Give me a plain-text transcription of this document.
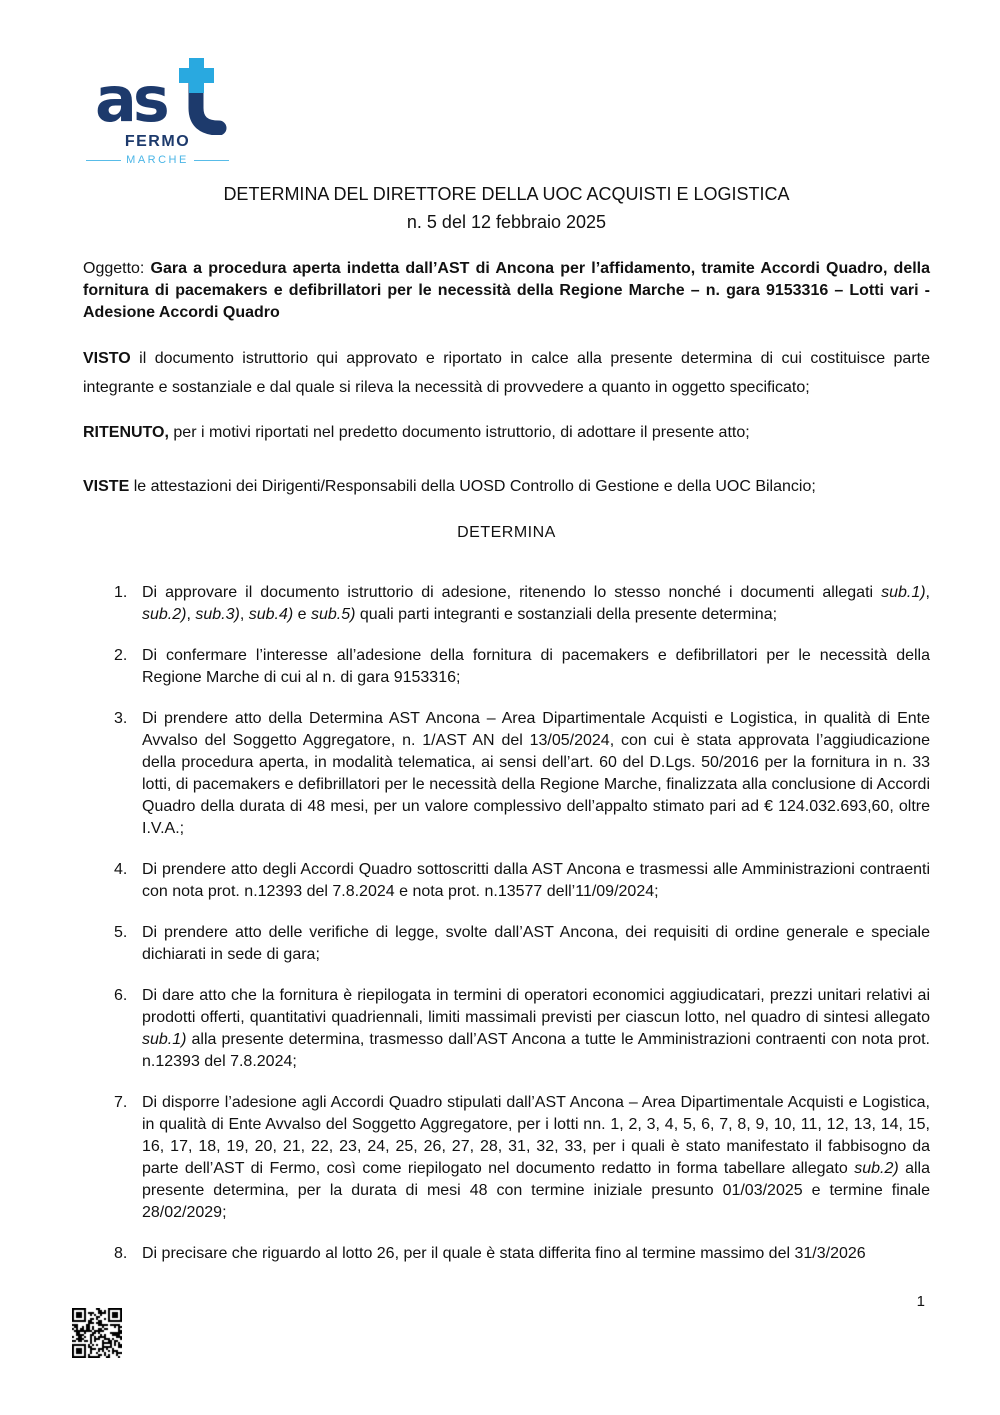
as
FERMO
MARCHE
DETERMINA DEL DIRETTORE DELLA UOC ACQUISTI E LOGISTICA
n. 5 del 12 febbraio 2025

Oggetto: Gara a procedura aperta indetta dall’AST di Ancona per l’affidamento, tramite Accordi Quadro, della fornitura di pacemakers e defibrillatori per le necessità della Regione Marche – n. gara 9153316 – Lotti vari - Adesione Accordi Quadro

VISTO il documento istruttorio qui approvato e riportato in calce alla presente determina di cui costituisce parte integrante e sostanziale e dal quale si rileva la necessità di provvedere a quanto in oggetto specificato;

RITENUTO, per i motivi riportati nel predetto documento istruttorio, di adottare il presente atto;

VISTE le attestazioni dei Dirigenti/Responsabili della UOSD Controllo di Gestione e della UOC Bilancio;

DETERMINA
1. Di approvare il documento istruttorio di adesione, ritenendo lo stesso nonché i documenti allegati sub.1), sub.2), sub.3), sub.4) e sub.5) quali parti integranti e sostanziali della presente determina;
2. Di confermare l’interesse all’adesione della fornitura di pacemakers e defibrillatori per le necessità della Regione Marche di cui al n. di gara 9153316;
3. Di prendere atto della Determina AST Ancona – Area Dipartimentale Acquisti e Logistica, in qualità di Ente Avvalso del Soggetto Aggregatore, n. 1/AST AN del 13/05/2024, con cui è stata approvata l’aggiudicazione della procedura aperta, in modalità telematica, ai sensi dell’art. 60 del D.Lgs. 50/2016 per la fornitura in n. 33 lotti, di pacemakers e defibrillatori per le necessità della Regione Marche, finalizzata alla conclusione di Accordi Quadro della durata di 48 mesi, per un valore complessivo dell’appalto stimato pari ad € 124.032.693,60, oltre I.V.A.;
4. Di prendere atto degli Accordi Quadro sottoscritti dalla AST Ancona e trasmessi alle Amministrazioni contraenti con nota prot. n.12393 del 7.8.2024 e nota prot. n.13577 dell’11/09/2024;
5. Di prendere atto delle verifiche di legge, svolte dall’AST Ancona, dei requisiti di ordine generale e speciale dichiarati in sede di gara;
6. Di dare atto che la fornitura è riepilogata in termini di operatori economici aggiudicatari, prezzi unitari relativi ai prodotti offerti, quantitativi quadriennali, limiti massimali previsti per ciascun lotto, nel quadro di sintesi allegato sub.1) alla presente determina, trasmesso dall’AST Ancona a tutte le Amministrazioni contraenti con nota prot. n.12393 del 7.8.2024;
7. Di disporre l’adesione agli Accordi Quadro stipulati dall’AST Ancona – Area Dipartimentale Acquisti e Logistica, in qualità di Ente Avvalso del Soggetto Aggregatore, per i lotti nn. 1, 2, 3, 4, 5, 6, 7, 8, 9, 10, 11, 12, 13, 14, 15, 16, 17, 18, 19, 20, 21, 22, 23, 24, 25, 26, 27, 28, 31, 32, 33, per i quali è stato manifestato il fabbisogno da parte dell’AST di Fermo, così come riepilogato nel documento redatto in forma tabellare allegato sub.2) alla presente determina, per la durata di mesi 48 con termine iniziale presunto 01/03/2025 e termine finale 28/02/2029;
8. Di precisare che riguardo al lotto 26, per il quale è stata differita fino al termine massimo del 31/3/2026
1
